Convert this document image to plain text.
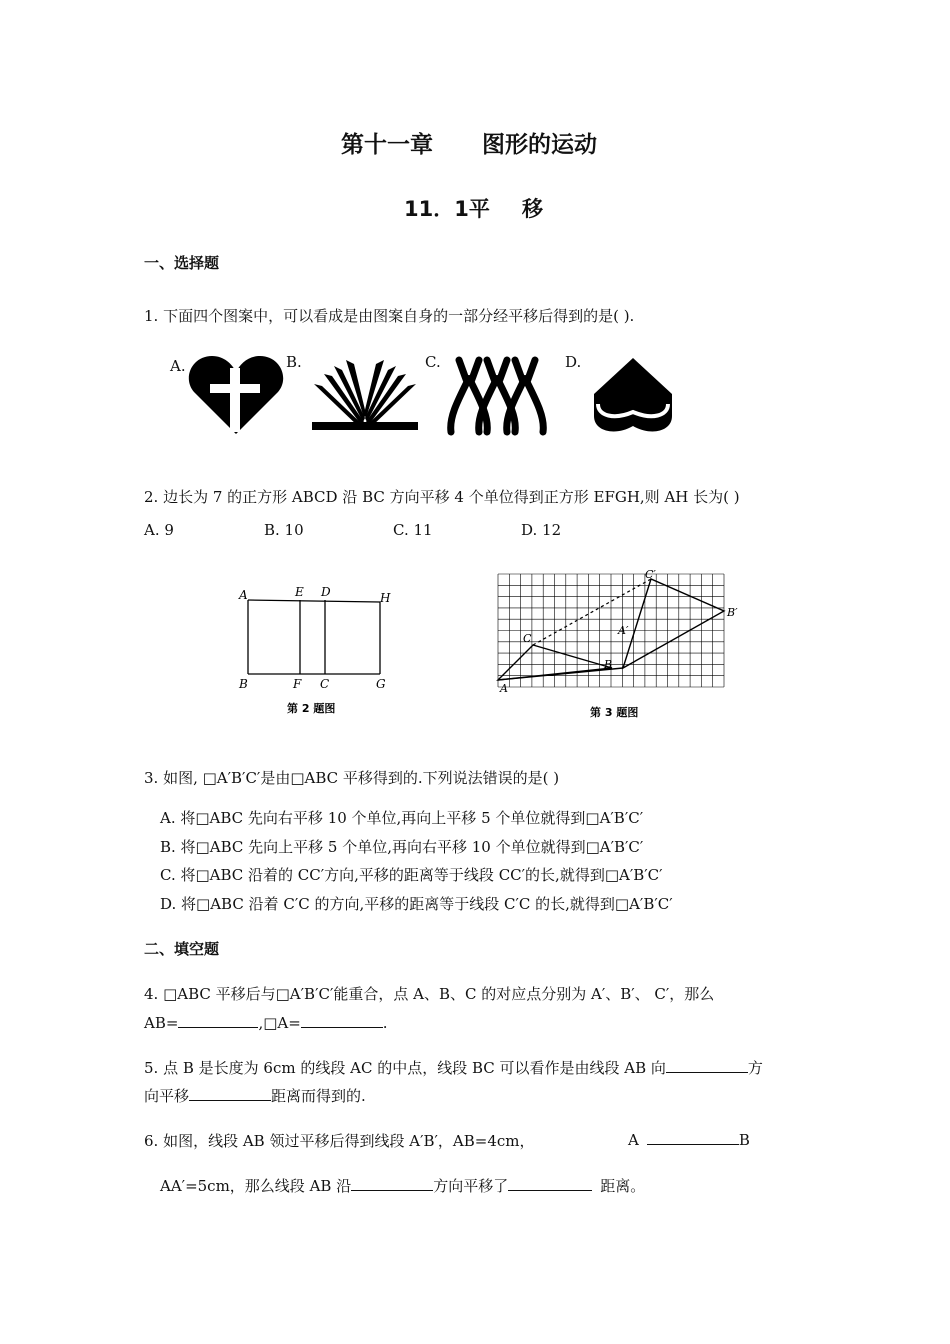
第十一章 图形的运动
11．1平 移
一、选择题
1. 下面四个图案中，可以看成是由图案自身的一部分经平移后得到的是( ).
A.	B.	C.	D.
2. 边长为 7 的正方形 ABCD 沿 BC 方向平移 4 个单位得到正方形 EFGH,则 AH 长为( )
A. 9	B. 10	C. 11	D. 12
A	E D	H
B	F C	G
第 2 题图
C′
B′
A′
C
B
A
第 3 题图
3. 如图, □A′B′C′是由□ABC 平移得到的.下列说法错误的是( )
A. 将□ABC 先向右平移 10 个单位,再向上平移 5 个单位就得到□A′B′C′
B. 将□ABC 先向上平移 5 个单位,再向右平移 10 个单位就得到□A′B′C′
C. 将□ABC 沿着的 CC′方向,平移的距离等于线段 CC′的长,就得到□A′B′C′
D. 将□ABC 沿着 C′C 的方向,平移的距离等于线段 C′C 的长,就得到□A′B′C′
二、填空题
4. □ABC 平移后与□A′B′C′能重合，点 A、B、C 的对应点分别为 A′、B′、 C′，那么
AB=	,□A=	.
5. 点 B 是长度为 6cm 的线段 AC 的中点，线段 BC 可以看作是由线段 AB 向	方
向平移	距离而得到的.
6. 如图，线段 AB 领过平移后得到线段 A′B′，AB=4cm，	A	B
AA′=5cm，那么线段 AB 沿	方向平移了	距离。
